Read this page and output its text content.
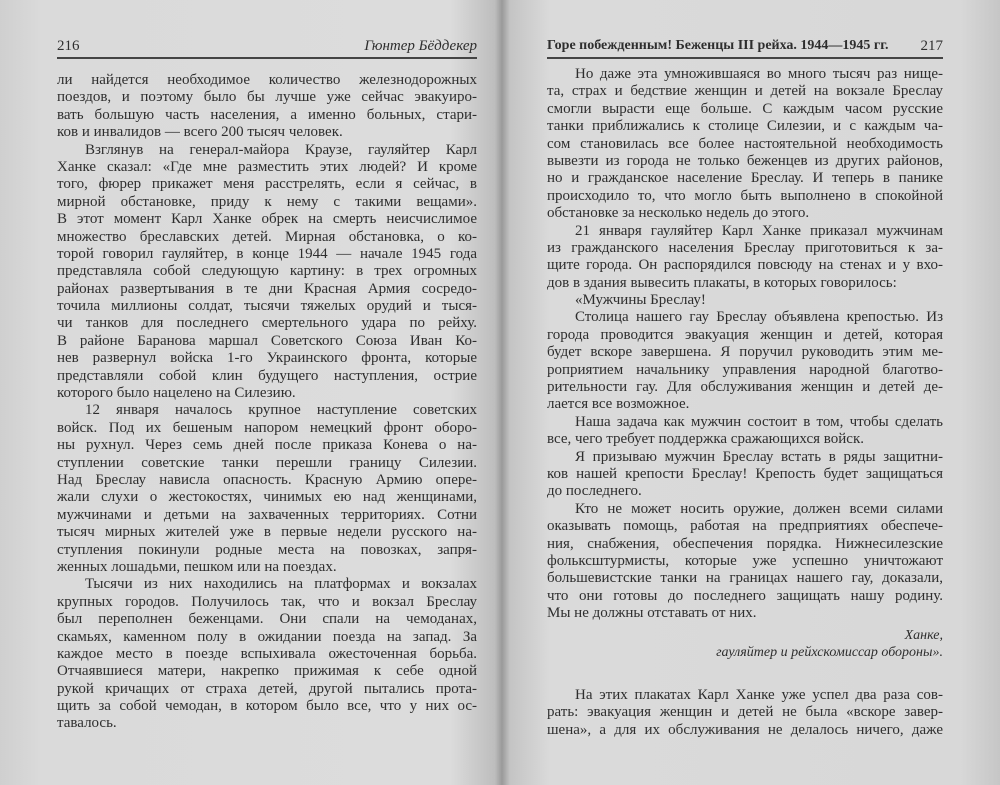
216	Гюнтер Бёддекер
ли найдется необходимое количество железнодорожных
поездов, и поэтому было бы лучше уже сейчас эвакуиро-
вать большую часть населения, а именно больных, стари-
ков и инвалидов — всего 200 тысяч человек.
Взглянув на генерал-майора Краузе, гауляйтер Карл
Ханке сказал: «Где мне разместить этих людей? И кроме
того, фюрер прикажет меня расстрелять, если я сейчас, в
мирной обстановке, приду к нему с такими вещами».
В этот момент Карл Ханке обрек на смерть неисчислимое
множество бреславских детей. Мирная обстановка, о ко-
торой говорил гауляйтер, в конце 1944 — начале 1945 года
представляла собой следующую картину: в трех огромных
районах развертывания в те дни Красная Армия сосредо-
точила миллионы солдат, тысячи тяжелых орудий и тыся-
чи танков для последнего смертельного удара по рейху.
В районе Баранова маршал Советского Союза Иван Ко-
нев развернул войска 1-го Украинского фронта, которые
представляли собой клин будущего наступления, острие
которого было нацелено на Силезию.
12 января началось крупное наступление советских
войск. Под их бешеным напором немецкий фронт оборо-
ны рухнул. Через семь дней после приказа Конева о на-
ступлении советские танки перешли границу Силезии.
Над Бреслау нависла опасность. Красную Армию опере-
жали слухи о жестокостях, чинимых ею над женщинами,
мужчинами и детьми на захваченных территориях. Сотни
тысяч мирных жителей уже в первые недели русского на-
ступления покинули родные места на повозках, запря-
женных лошадьми, пешком или на поездах.
Тысячи из них находились на платформах и вокзалах
крупных городов. Получилось так, что и вокзал Бреслау
был переполнен беженцами. Они спали на чемоданах,
скамьях, каменном полу в ожидании поезда на запад. За
каждое место в поезде вспыхивала ожесточенная борьба.
Отчаявшиеся матери, накрепко прижимая к себе одной
рукой кричащих от страха детей, другой пытались прота-
щить за собой чемодан, в котором было все, что у них ос-
тавалось.
Горе побежденным! Беженцы III рейха. 1944—1945 гг. 217
Но даже эта умножившаяся во много тысяч раз нище-
та, страх и бедствие женщин и детей на вокзале Бреслау
смогли вырасти еще больше. С каждым часом русские
танки приближались к столице Силезии, и с каждым ча-
сом становилась все более настоятельной необходимость
вывезти из города не только беженцев из других районов,
но и гражданское население Бреслау. И теперь в панике
происходило то, что могло быть выполнено в спокойной
обстановке за несколько недель до этого.
21 января гауляйтер Карл Ханке приказал мужчинам
из гражданского населения Бреслау приготовиться к за-
щите города. Он распорядился повсюду на стенах и у вхо-
дов в здания вывесить плакаты, в которых говорилось:
«Мужчины Бреслау!
Столица нашего гау Бреслау объявлена крепостью. Из
города проводится эвакуация женщин и детей, которая
будет вскоре завершена. Я поручил руководить этим ме-
роприятием начальнику управления народной благотво-
рительности гау. Для обслуживания женщин и детей де-
лается все возможное.
Наша задача как мужчин состоит в том, чтобы сделать
все, чего требует поддержка сражающихся войск.
Я призываю мужчин Бреслау встать в ряды защитни-
ков нашей крепости Бреслау! Крепость будет защищаться
до последнего.
Кто не может носить оружие, должен всеми силами
оказывать помощь, работая на предприятиях обеспече-
ния, снабжения, обеспечения порядка. Нижнесилезские
фольксштурмисты, которые уже успешно уничтожают
большевистские танки на границах нашего гау, доказали,
что они готовы до последнего защищать нашу родину.
Мы не должны отставать от них.
Ханке,
гауляйтер и рейхскомиссар обороны».
На этих плакатах Карл Ханке уже успел два раза сов-
рать: эвакуация женщин и детей не была «вскоре завер-
шена», а для их обслуживания не делалось ничего, даже
